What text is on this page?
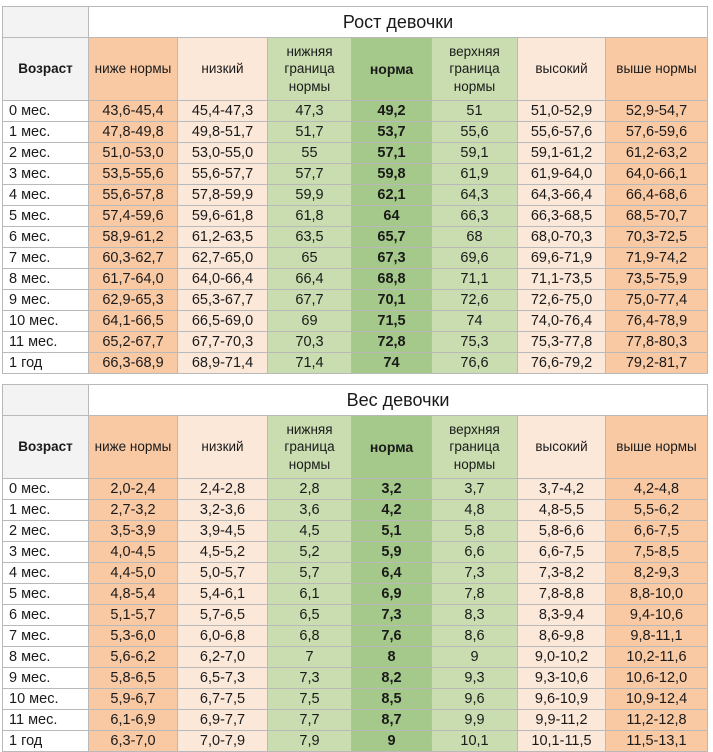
	Рост девочки						
Возраст	ниже нормы	низкий	нижняя граница нормы	норма	верхняя граница нормы	высокий	выше нормы
0 мес.	43,6-45,4	45,4-47,3	47,3	49,2	51	51,0-52,9	52,9-54,7
1 мес.	47,8-49,8	49,8-51,7	51,7	53,7	55,6	55,6-57,6	57,6-59,6
2 мес.	51,0-53,0	53,0-55,0	55	57,1	59,1	59,1-61,2	61,2-63,2
3 мес.	53,5-55,6	55,6-57,7	57,7	59,8	61,9	61,9-64,0	64,0-66,1
4 мес.	55,6-57,8	57,8-59,9	59,9	62,1	64,3	64,3-66,4	66,4-68,6
5 мес.	57,4-59,6	59,6-61,8	61,8	64	66,3	66,3-68,5	68,5-70,7
6 мес.	58,9-61,2	61,2-63,5	63,5	65,7	68	68,0-70,3	70,3-72,5
7 мес.	60,3-62,7	62,7-65,0	65	67,3	69,6	69,6-71,9	71,9-74,2
8 мес.	61,7-64,0	64,0-66,4	66,4	68,8	71,1	71,1-73,5	73,5-75,9
9 мес.	62,9-65,3	65,3-67,7	67,7	70,1	72,6	72,6-75,0	75,0-77,4
10 мес.	64,1-66,5	66,5-69,0	69	71,5	74	74,0-76,4	76,4-78,9
11 мес.	65,2-67,7	67,7-70,3	70,3	72,8	75,3	75,3-77,8	77,8-80,3
1 год	66,3-68,9	68,9-71,4	71,4	74	76,6	76,6-79,2	79,2-81,7
	Вес девочки						
Возраст	ниже нормы	низкий	нижняя граница нормы	норма	верхняя граница нормы	высокий	выше нормы
0 мес.	2,0-2,4	2,4-2,8	2,8	3,2	3,7	3,7-4,2	4,2-4,8
1 мес.	2,7-3,2	3,2-3,6	3,6	4,2	4,8	4,8-5,5	5,5-6,2
2 мес.	3,5-3,9	3,9-4,5	4,5	5,1	5,8	5,8-6,6	6,6-7,5
3 мес.	4,0-4,5	4,5-5,2	5,2	5,9	6,6	6,6-7,5	7,5-8,5
4 мес.	4,4-5,0	5,0-5,7	5,7	6,4	7,3	7,3-8,2	8,2-9,3
5 мес.	4,8-5,4	5,4-6,1	6,1	6,9	7,8	7,8-8,8	8,8-10,0
6 мес.	5,1-5,7	5,7-6,5	6,5	7,3	8,3	8,3-9,4	9,4-10,6
7 мес.	5,3-6,0	6,0-6,8	6,8	7,6	8,6	8,6-9,8	9,8-11,1
8 мес.	5,6-6,2	6,2-7,0	7	8	9	9,0-10,2	10,2-11,6
9 мес.	5,8-6,5	6,5-7,3	7,3	8,2	9,3	9,3-10,6	10,6-12,0
10 мес.	5,9-6,7	6,7-7,5	7,5	8,5	9,6	9,6-10,9	10,9-12,4
11 мес.	6,1-6,9	6,9-7,7	7,7	8,7	9,9	9,9-11,2	11,2-12,8
1 год	6,3-7,0	7,0-7,9	7,9	9	10,1	10,1-11,5	11,5-13,1
